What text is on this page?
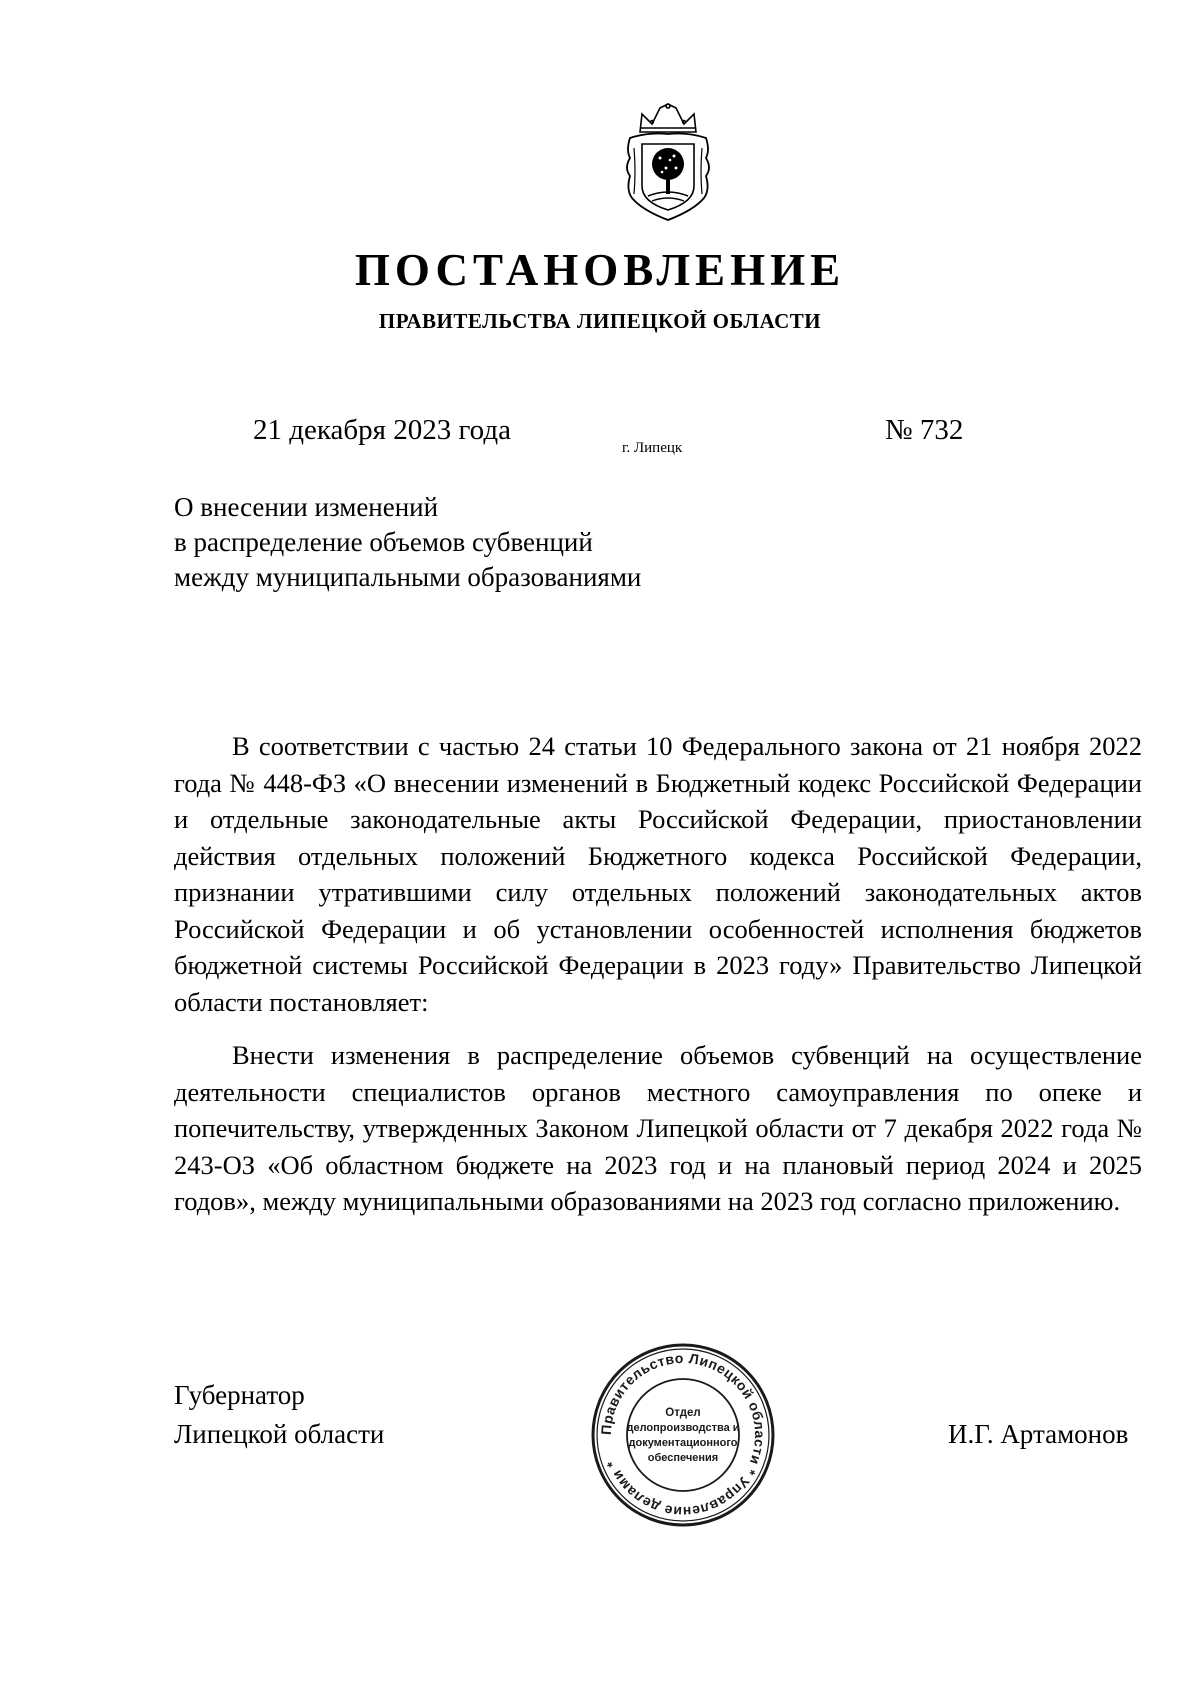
ПОСТАНОВЛЕНИЕ
ПРАВИТЕЛЬСТВА ЛИПЕЦКОЙ ОБЛАСТИ
21 декабря 2023 года
г. Липецк
№ 732
О внесении изменений
в распределение объемов субвенций
между муниципальными образованиями

В соответствии с частью 24 статьи 10 Федерального закона от 21 ноября 2022 года № 448-ФЗ «О внесении изменений в Бюджетный кодекс Российской Федерации и отдельные законодательные акты Российской Федерации, приостановлении действия отдельных положений Бюджетного кодекса Российской Федерации, признании утратившими силу отдельных положений законодательных актов Российской Федерации и об установлении особенностей исполнения бюджетов бюджетной системы Российской Федерации в 2023 году» Правительство Липецкой области постановляет:

Внести изменения в распределение объемов субвенций на осуществление деятельности специалистов органов местного самоуправления по опеке и попечительству, утвержденных Законом Липецкой области от 7 декабря 2022 года № 243-ОЗ «Об областном бюджете на 2023 год и на плановый период 2024 и 2025 годов», между муниципальными образованиями на 2023 год согласно приложению.

Губернатор
Липецкой области	И.Г. Артамонов
Правительство Липецкой области * Управление делами *
Отдел
делопроизводства и
документационного
обеспечения
